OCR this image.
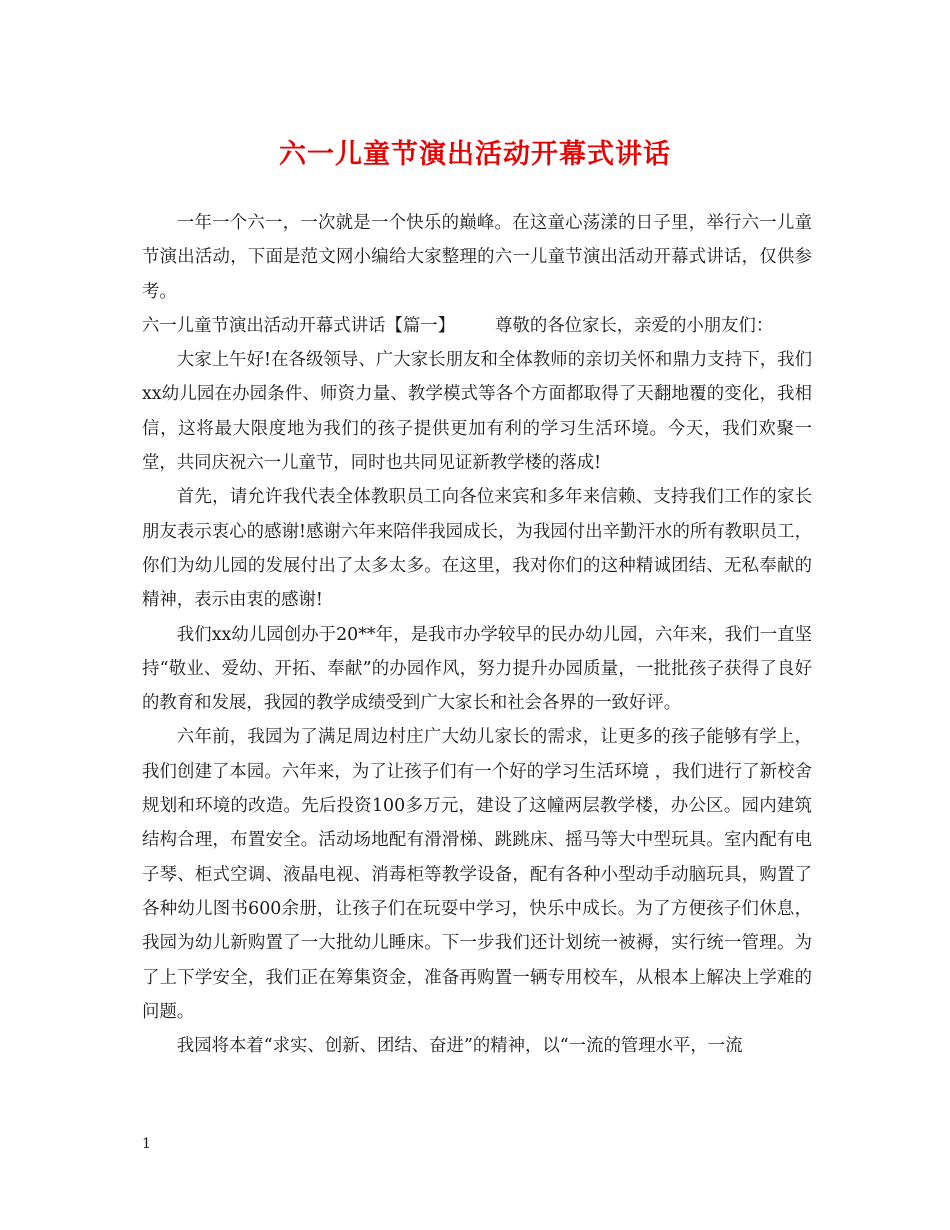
六一儿童节演出活动开幕式讲话

一年一个六一，一次就是一个快乐的巅峰。在这童心荡漾的日子里，举行六一儿童节演出活动，下面是范文网小编给大家整理的六一儿童节演出活动开幕式讲话，仅供参考。

六一儿童节演出活动开幕式讲话【篇一】 尊敬的各位家长，亲爱的小朋友们：

大家上午好!在各级领导、广大家长朋友和全体教师的亲切关怀和鼎力支持下，我们xx幼儿园在办园条件、师资力量、教学模式等各个方面都取得了天翻地覆的变化，我相信，这将最大限度地为我们的孩子提供更加有利的学习生活环境。今天，我们欢聚一堂，共同庆祝六一儿童节，同时也共同见证新教学楼的落成!

首先，请允许我代表全体教职员工向各位来宾和多年来信赖、支持我们工作的家长朋友表示衷心的感谢!感谢六年来陪伴我园成长，为我园付出辛勤汗水的所有教职员工，你们为幼儿园的发展付出了太多太多。在这里，我对你们的这种精诚团结、无私奉献的精神，表示由衷的感谢!

我们xx幼儿园创办于20**年，是我市办学较早的民办幼儿园，六年来，我们一直坚持“敬业、爱幼、开拓、奉献”的办园作风，努力提升办园质量，一批批孩子获得了良好的教育和发展，我园的教学成绩受到广大家长和社会各界的一致好评。

六年前，我园为了满足周边村庄广大幼儿家长的需求，让更多的孩子能够有学上，我们创建了本园。六年来，为了让孩子们有一个好的学习生活环境 ，我们进行了新校舍规划和环境的改造。先后投资100多万元，建设了这幢两层教学楼，办公区。园内建筑结构合理，布置安全。活动场地配有滑滑梯、跳跳床、摇马等大中型玩具。室内配有电子琴、柜式空调、液晶电视、消毒柜等教学设备，配有各种小型动手动脑玩具，购置了各种幼儿图书600余册，让孩子们在玩耍中学习，快乐中成长。为了方便孩子们休息，我园为幼儿新购置了一大批幼儿睡床。下一步我们还计划统一被褥，实行统一管理。为了上下学安全，我们正在筹集资金，准备再购置一辆专用校车，从根本上解决上学难的问题。

我园将本着“求实、创新、团结、奋进”的精神，以“一流的管理水平，一流

1
